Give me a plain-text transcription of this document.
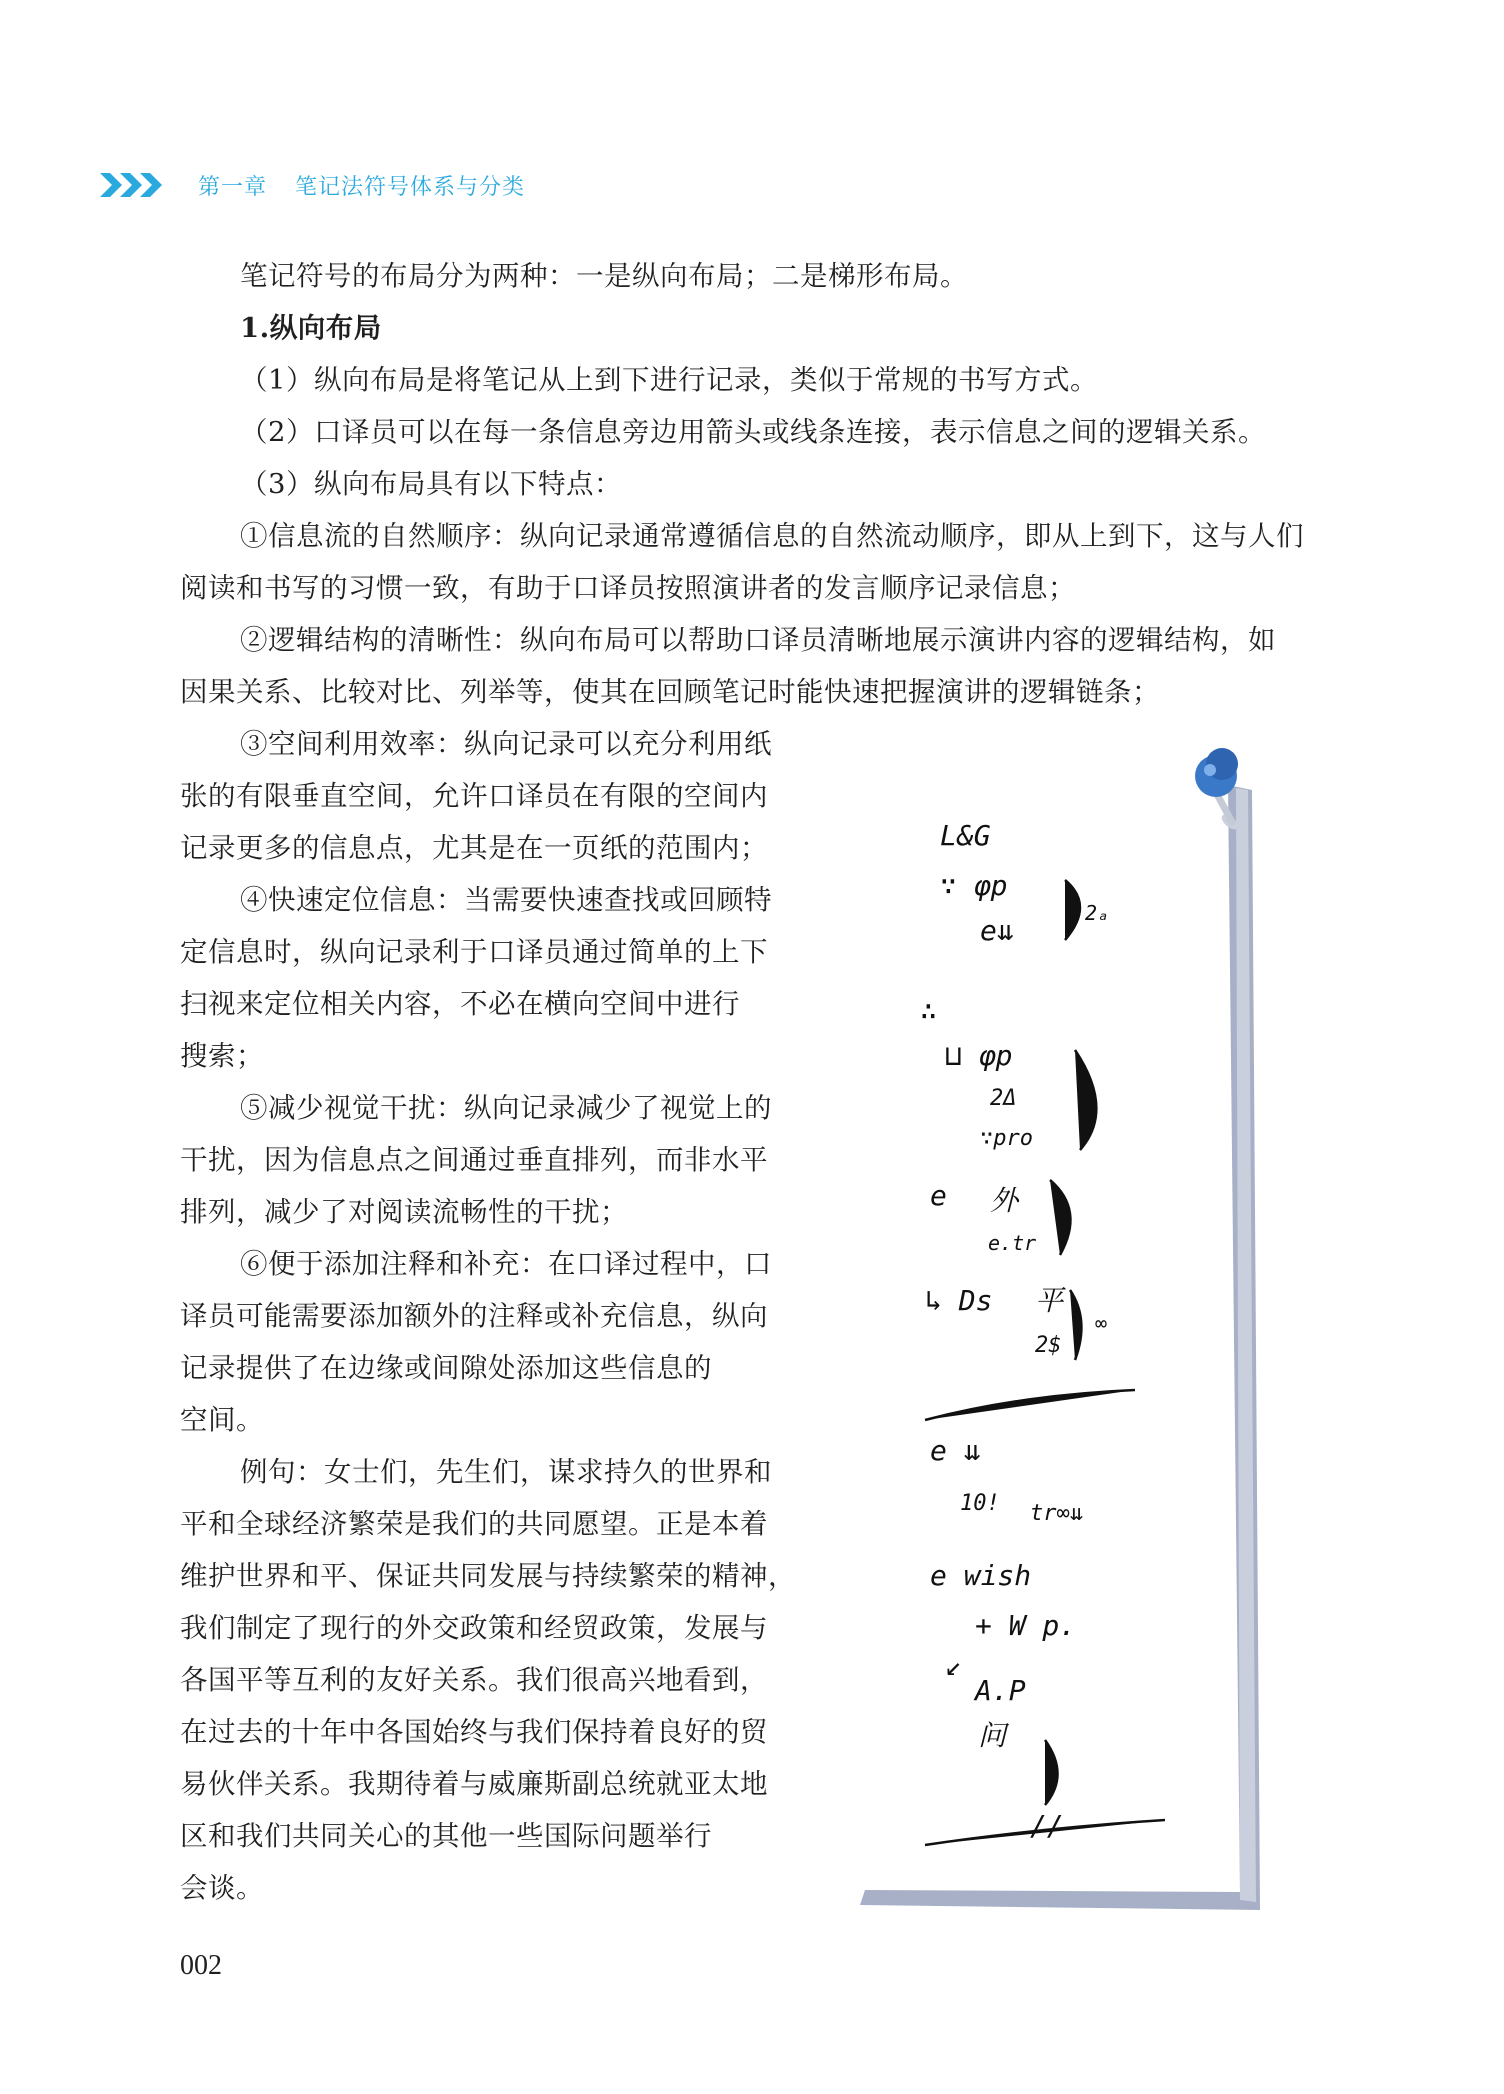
第一章 笔记法符号体系与分类

笔记符号的布局分为两种：一是纵向布局；二是梯形布局。

1.纵向布局

（1）纵向布局是将笔记从上到下进行记录，类似于常规的书写方式。

（2）口译员可以在每一条信息旁边用箭头或线条连接，表示信息之间的逻辑关系。

（3）纵向布局具有以下特点：

①信息流的自然顺序：纵向记录通常遵循信息的自然流动顺序，即从上到下，这与人们

阅读和书写的习惯一致，有助于口译员按照演讲者的发言顺序记录信息；

②逻辑结构的清晰性：纵向布局可以帮助口译员清晰地展示演讲内容的逻辑结构，如

因果关系、比较对比、列举等，使其在回顾笔记时能快速把握演讲的逻辑链条；

③空间利用效率：纵向记录可以充分利用纸

张的有限垂直空间，允许口译员在有限的空间内

记录更多的信息点，尤其是在一页纸的范围内；

④快速定位信息：当需要快速查找或回顾特

定信息时，纵向记录利于口译员通过简单的上下

扫视来定位相关内容，不必在横向空间中进行

搜索；

⑤减少视觉干扰：纵向记录减少了视觉上的

干扰，因为信息点之间通过垂直排列，而非水平

排列，减少了对阅读流畅性的干扰；

⑥便于添加注释和补充：在口译过程中，口

译员可能需要添加额外的注释或补充信息，纵向

记录提供了在边缘或间隙处添加这些信息的

空间。

例句：女士们，先生们，谋求持久的世界和

平和全球经济繁荣是我们的共同愿望。正是本着

维护世界和平、保证共同发展与持续繁荣的精神，

我们制定了现行的外交政策和经贸政策，发展与

各国平等互利的友好关系。我们很高兴地看到，

在过去的十年中各国始终与我们保持着良好的贸

易伙伴关系。我期待着与威廉斯副总统就亚太地

区和我们共同关心的其他一些国际问题举行

会谈。

L&G
∵ φp
e⇊
2ₐ
∴
⊔ φp
2Δ
∵pro
e 外
e.tr
↳ Ds 平
2$
∞
e ⇊
10! tr∞⇊
e wish
+ W p.
↙
A.P
问
//
002
